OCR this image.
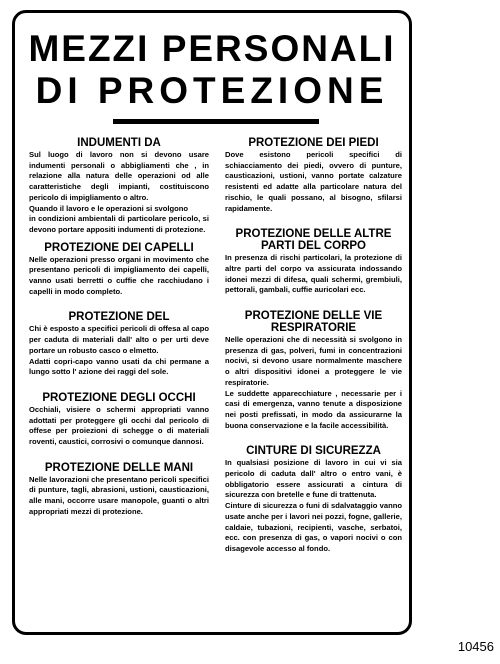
MEZZI PERSONALI
DI PROTEZIONE
INDUMENTI DA
Sul luogo di lavoro non si devono usare indumenti personali o abbigliamenti che , in relazione alla natura delle operazioni od alle caratteristiche degli impianti, costituiscono pericolo di impigliamento o altro.
Quando il lavoro e le operazioni si svolgono
in condizioni ambientali di particolare pericolo, si devono portare appositi indumenti di protezione.
PROTEZIONE DEI CAPELLI
Nelle operazioni presso organi in movimento che presentano pericoli di impigliamento dei capelli, vanno usati berretti o cuffie che racchiudano i capelli in modo completo.
PROTEZIONE DEL
Chi è esposto a specifici pericoli di offesa al capo per caduta di materiali dall' alto o per urti deve portare un robusto casco o elmetto.
Adatti copri-capo vanno usati da chi permane a lungo sotto l' azione dei raggi del sole.
PROTEZIONE DEGLI OCCHI
Occhiali, visiere o schermi appropriati vanno adottati per proteggere gli occhi dal pericolo di offese per proiezioni di schegge o di materiali roventi, caustici, corrosivi o comunque dannosi.
PROTEZIONE DELLE MANI
Nelle lavorazioni che presentano pericoli specifici di punture, tagli, abrasioni, ustioni, causticazioni, alle mani, occorre usare manopole, guanti o altri appropriati mezzi di protezione.
PROTEZIONE DEI PIEDI
Dove esistono pericoli specifici di schiacciamento dei piedi, ovvero di punture, causticazioni, ustioni, vanno portate calzature resistenti ed adatte alla particolare natura del rischio, le quali possano, al bisogno, sfilarsi rapidamente.
PROTEZIONE DELLE ALTRE PARTI DEL CORPO
In presenza di rischi particolari, la protezione di altre parti del corpo va assicurata indossando idonei mezzi di difesa, quali schermi, grembiuli, pettorali, gambali, cuffie auricolari ecc.
PROTEZIONE DELLE VIE RESPIRATORIE
Nelle operazioni che di necessità si svolgono in presenza di gas, polveri, fumi in concentrazioni nocivi, si devono usare normalmente maschere o altri dispositivi idonei a proteggere le vie respiratorie.
Le suddette apparecchiature , necessarie per i casi di emergenza, vanno tenute a disposizione nei posti prefissati, in modo da assicurarne la buona conservazione e la facile accessibilità.
CINTURE DI SICUREZZA
In qualsiasi posizione di lavoro in cui vi sia pericolo di caduta dall' altro o entro vani, è obbligatorio essere assicurati a cintura di sicurezza con bretelle e fune di trattenuta.
Cinture di sicurezza o funi di sdalvataggio vanno usate anche per i lavori nei pozzi, fogne, gallerie, caldaie, tubazioni, recipienti, vasche, serbatoi, ecc. con presenza di gas, o vapori nocivi o con disagevole accesso al fondo.
10456
